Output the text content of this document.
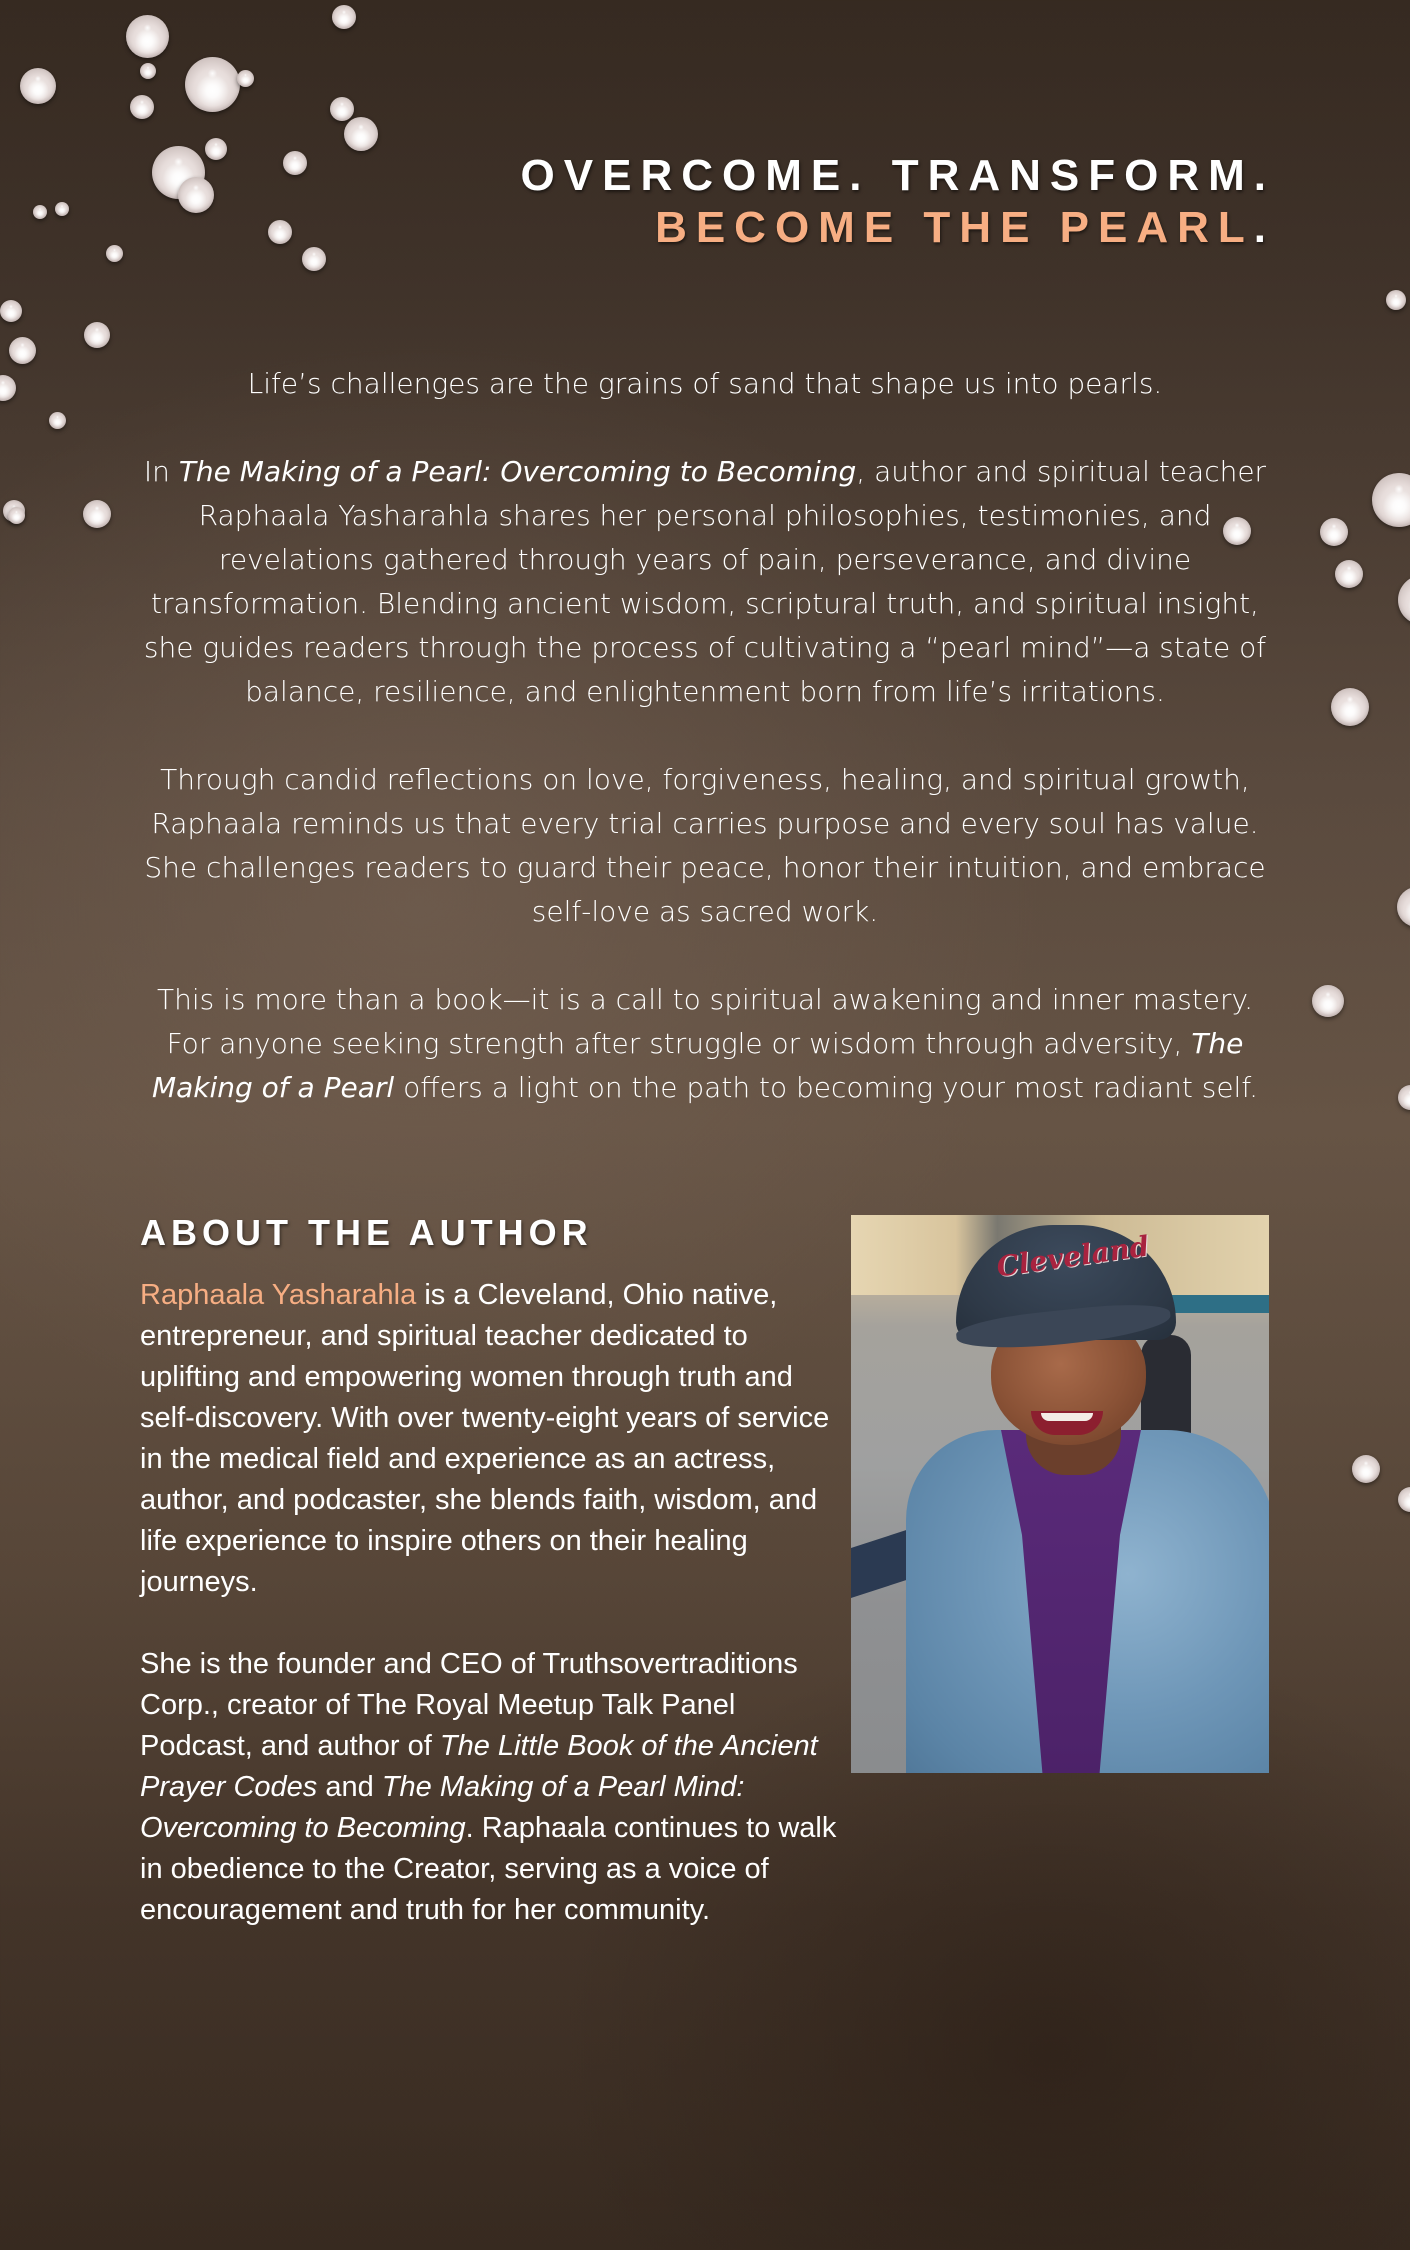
OVERCOME. TRANSFORM.
BECOME THE PEARL.

Life’s challenges are the grains of sand that shape us into pearls.

In The Making of a Pearl: Overcoming to Becoming, author and spiritual teacher Raphaala Yasharahla shares her personal philosophies, testimonies, and revelations gathered through years of pain, perseverance, and divine transformation. Blending ancient wisdom, scriptural truth, and spiritual insight, she guides readers through the process of cultivating a “pearl mind”—a state of balance, resilience, and enlightenment born from life’s irritations.

Through candid reflections on love, forgiveness, healing, and spiritual growth, Raphaala reminds us that every trial carries purpose and every soul has value. She challenges readers to guard their peace, honor their intuition, and embrace self-love as sacred work.

This is more than a book—it is a call to spiritual awakening and inner mastery. For anyone seeking strength after struggle or wisdom through adversity, The Making of a Pearl offers a light on the path to becoming your most radiant self.

ABOUT THE AUTHOR

Raphaala Yasharahla is a Cleveland, Ohio native, entrepreneur, and spiritual teacher dedicated to uplifting and empowering women through truth and self-discovery. With over twenty-eight years of service in the medical field and experience as an actress, author, and podcaster, she blends faith, wisdom, and life experience to inspire others on their healing journeys.

She is the founder and CEO of Truthsovertraditions Corp., creator of The Royal Meetup Talk Panel Podcast, and author of The Little Book of the Ancient Prayer Codes and The Making of a Pearl Mind: Overcoming to Becoming. Raphaala continues to walk in obedience to the Creator, serving as a voice of encouragement and truth for her community.

Cleveland
